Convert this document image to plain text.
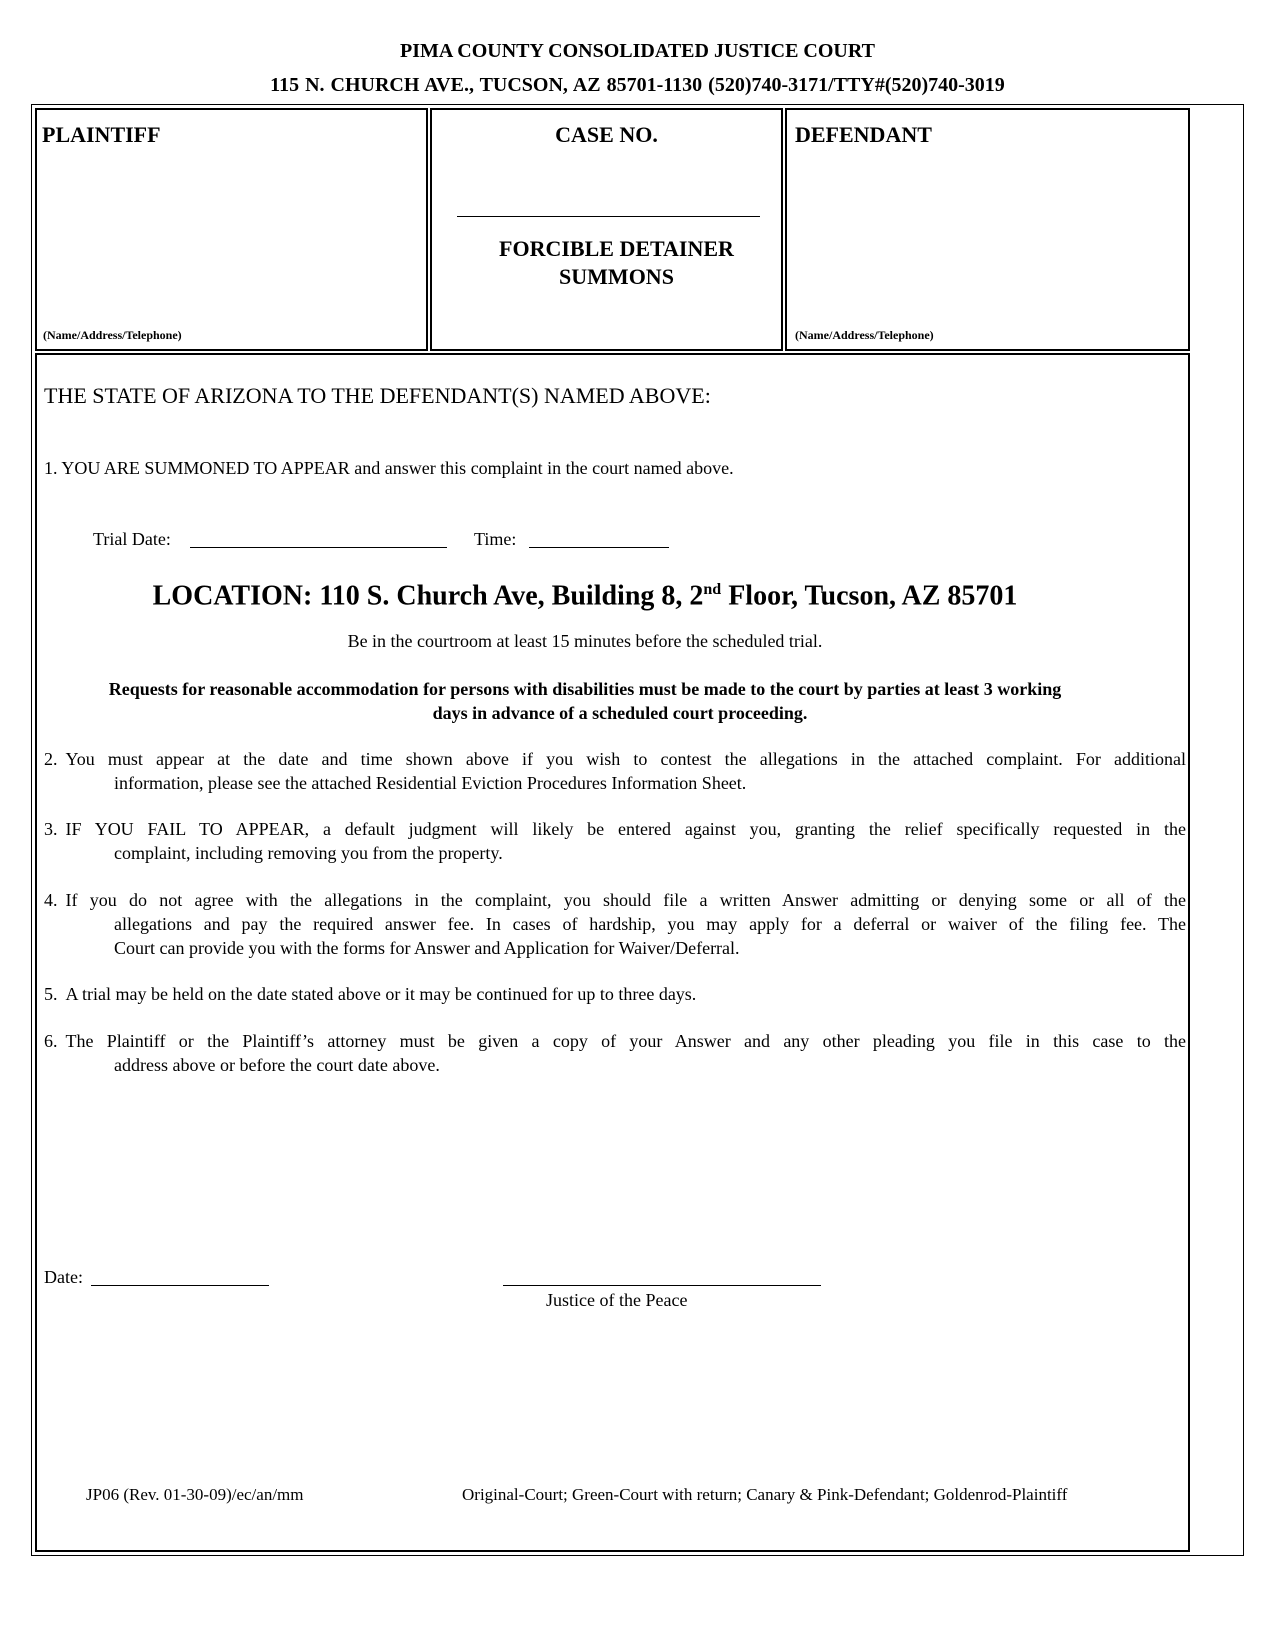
PIMA COUNTY CONSOLIDATED JUSTICE COURT
115 N. CHURCH AVE., TUCSON, AZ 85701-1130 (520)740-3171/TTY#(520)740-3019
PLAINTIFF
(Name/Address/Telephone)
CASE NO.
FORCIBLE DETAINER
SUMMONS
DEFENDANT
(Name/Address/Telephone)
THE STATE OF ARIZONA TO THE DEFENDANT(S) NAMED ABOVE:
1. YOU ARE SUMMONED TO APPEAR and answer this complaint in the court named above.
Trial Date:	Time:
LOCATION: 110 S. Church Ave, Building 8, 2nd Floor, Tucson, AZ 85701
Be in the courtroom at least 15 minutes before the scheduled trial.
Requests for reasonable accommodation for persons with disabilities must be made to the court by parties at least 3 working
days in advance of a scheduled court proceeding.
2. You must appear at the date and time shown above if you wish to contest the allegations in the attached complaint. For additional
information, please see the attached Residential Eviction Procedures Information Sheet.
3. IF YOU FAIL TO APPEAR, a default judgment will likely be entered against you, granting the relief specifically requested in the
complaint, including removing you from the property.
4. If you do not agree with the allegations in the complaint, you should file a written Answer admitting or denying some or all of the
allegations and pay the required answer fee. In cases of hardship, you may apply for a deferral or waiver of the filing fee. The
Court can provide you with the forms for Answer and Application for Waiver/Deferral.
5. A trial may be held on the date stated above or it may be continued for up to three days.
6. The Plaintiff or the Plaintiff’s attorney must be given a copy of your Answer and any other pleading you file in this case to the
address above or before the court date above.
Date:
Justice of the Peace
JP06 (Rev. 01-30-09)/ec/an/mm	Original-Court; Green-Court with return; Canary & Pink-Defendant; Goldenrod-Plaintiff
